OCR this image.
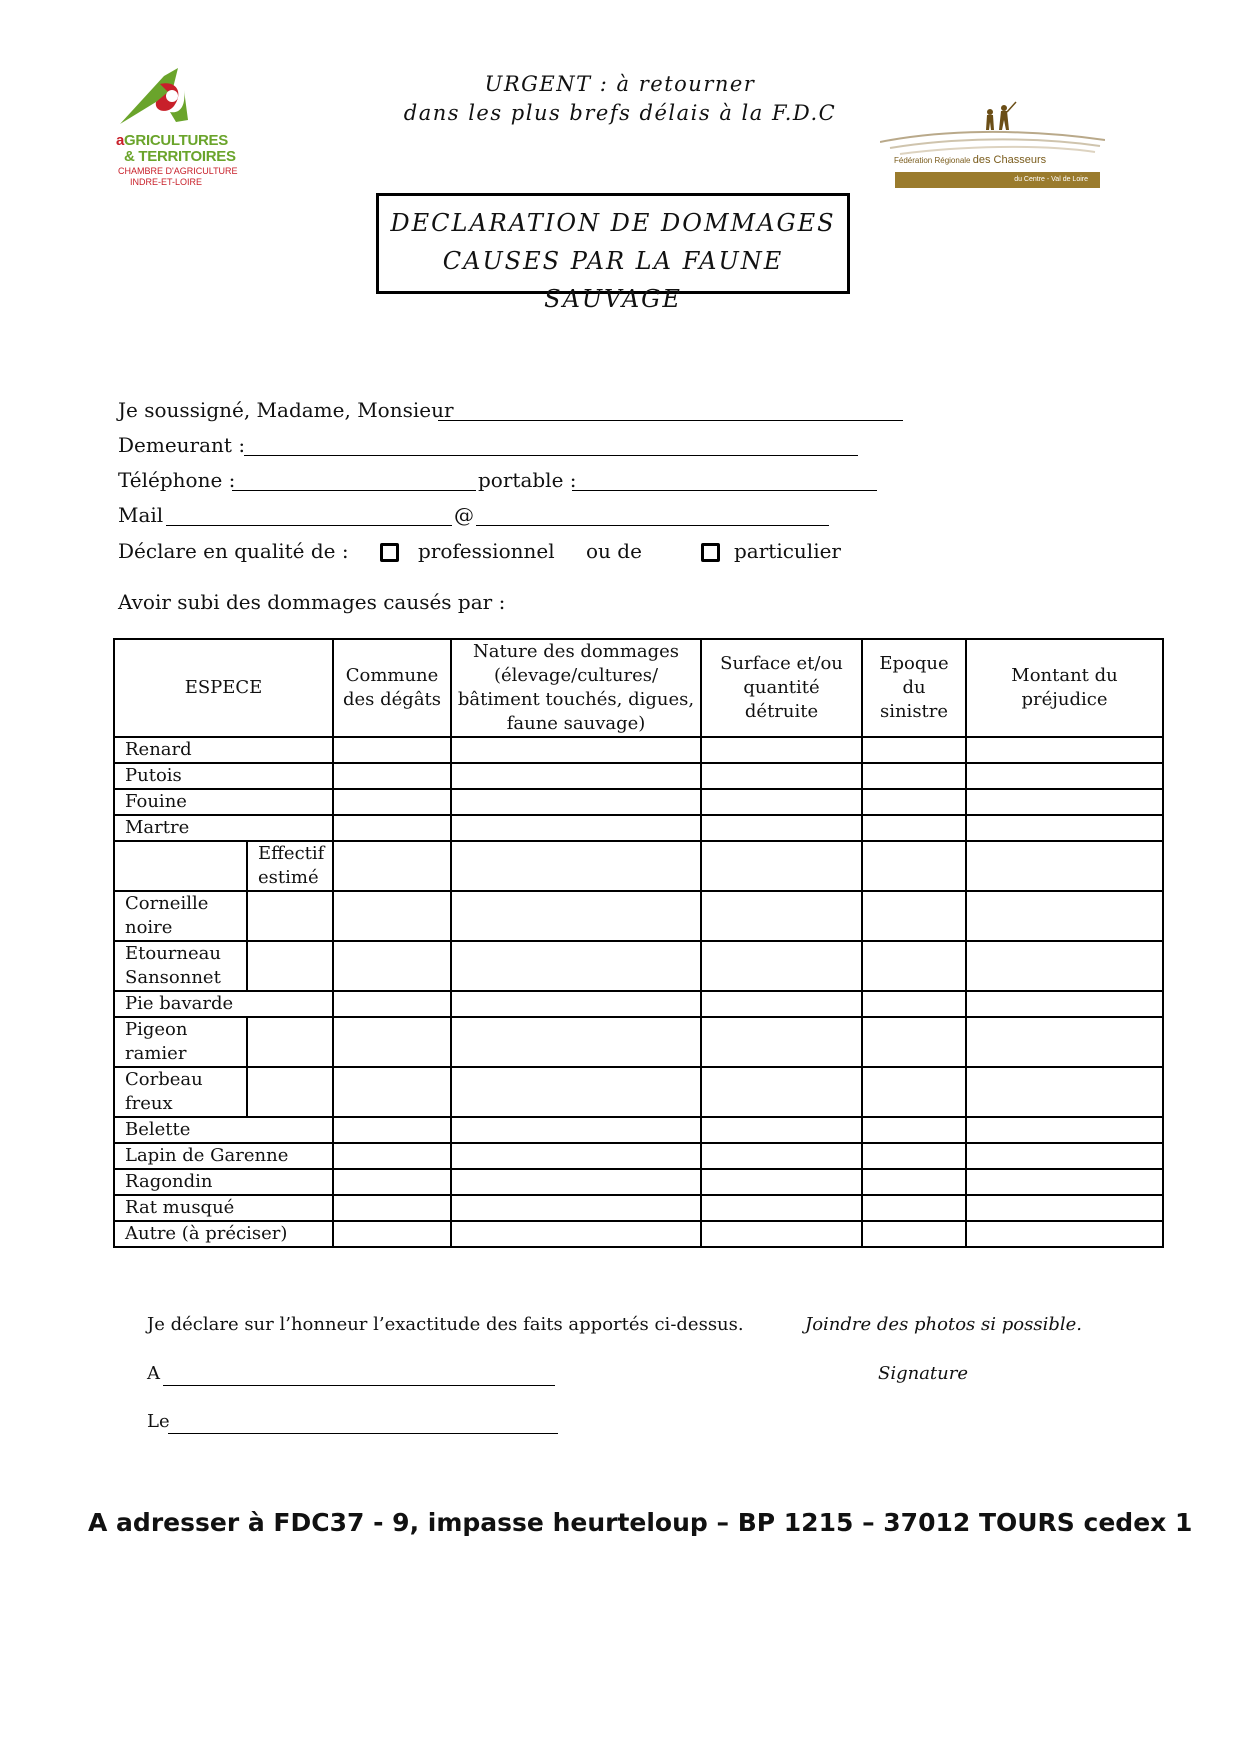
aGRICULTURES
& TERRITOIRES
CHAMBRE D'AGRICULTURE
INDRE-ET-LOIRE
URGENT : à retourner
dans les plus brefs délais à la F.D.C
Fédération Régionale des Chasseurs
du Centre - Val de Loire
DECLARATION DE DOMMAGES
CAUSES PAR LA FAUNE SAUVAGE
Je soussigné, Madame, Monsieur
Demeurant :
Téléphone :	portable :
Mail	@
Déclare en qualité de :	professionnel ou de	particulier
Avoir subi des dommages causés par :
ESPECE		Commune des dégâts	Nature des dommages (élevage/cultures/ bâtiment touchés, digues, faune sauvage)	Surface et/ou quantité détruite	Epoque du sinistre	Montant du préjudice
Renard						
Putois						
Fouine						
Martre						
	Effectif estimé					
Corneille noire						
Etourneau Sansonnet						
Pie bavarde						
Pigeon ramier						
Corbeau freux						
Belette						
Lapin de Garenne						
Ragondin						
Rat musqué						
Autre (à préciser)						
Je déclare sur l’honneur l’exactitude des faits apportés ci-dessus.	Joindre des photos si possible.
A	Signature
Le
A adresser à FDC37 - 9, impasse heurteloup – BP 1215 – 37012 TOURS cedex 1
